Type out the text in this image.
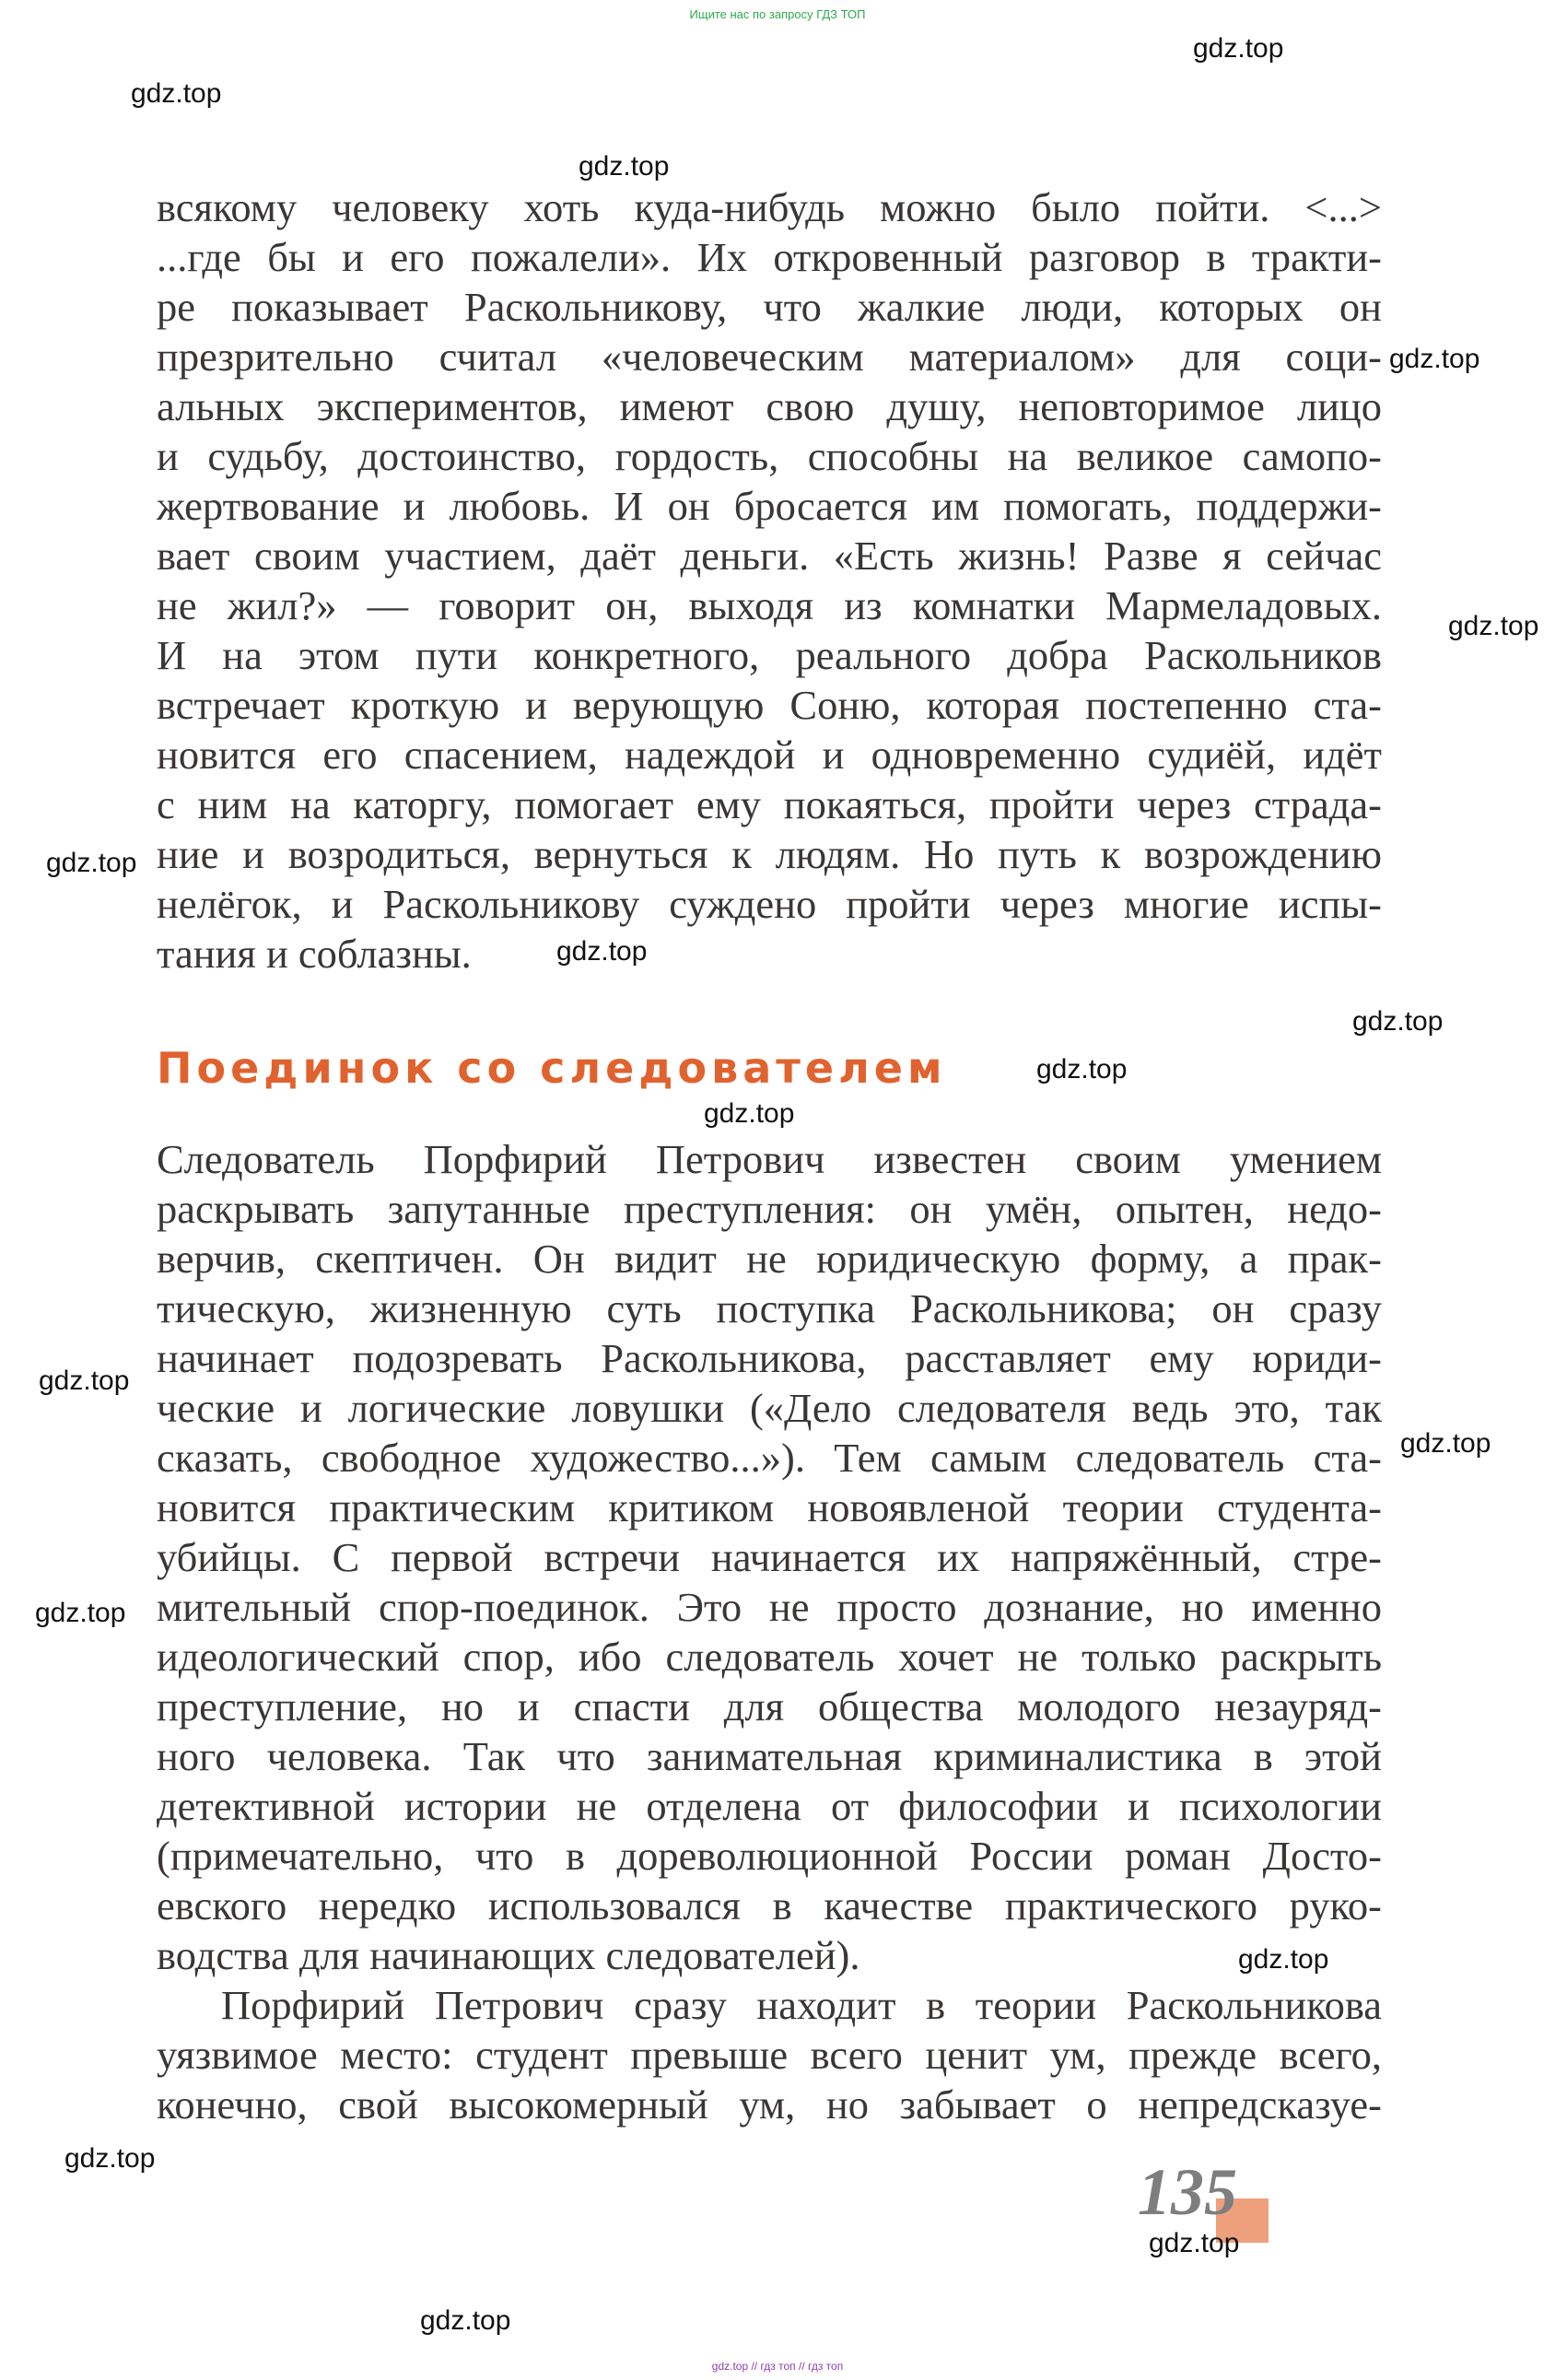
Ищите нас по запросу ГДЗ ТОП
gdz.top
gdz.top
gdz.top
gdz.top
gdz.top
gdz.top
gdz.top
gdz.top
gdz.top
gdz.top
gdz.top
gdz.top
gdz.top
gdz.top
gdz.top
gdz.top
всякому человеку хоть куда-нибудь можно было пойти. <...>
...где бы и его пожалели». Их откровенный разговор в тракти-
ре показывает Раскольникову, что жалкие люди, которых он
презрительно считал «человеческим материалом» для соци-
альных экспериментов, имеют свою душу, неповторимое лицо
и судьбу, достоинство, гордость, способны на великое самопо-
жертвование и любовь. И он бросается им помогать, поддержи-
вает своим участием, даёт деньги. «Есть жизнь! Разве я сейчас
не жил?» — говорит он, выходя из комнатки Мармеладовых.
И на этом пути конкретного, реального добра Раскольников
встречает кроткую и верующую Соню, которая постепенно ста-
новится его спасением, надеждой и одновременно судиёй, идёт
с ним на каторгу, помогает ему покаяться, пройти через страда-
ние и возродиться, вернуться к людям. Но путь к возрождению
нелёгок, и Раскольникову суждено пройти через многие испы-
тания и соблазны.
Поединок со следователем
Следователь Порфирий Петрович известен своим умением
раскрывать запутанные преступления: он умён, опытен, недо-
верчив, скептичен. Он видит не юридическую форму, а прак-
тическую, жизненную суть поступка Раскольникова; он сразу
начинает подозревать Раскольникова, расставляет ему юриди-
ческие и логические ловушки («Дело следователя ведь это, так
сказать, свободное художество...»). Тем самым следователь ста-
новится практическим критиком новоявленой теории студента-
убийцы. С первой встречи начинается их напряжённый, стре-
мительный спор-поединок. Это не просто дознание, но именно
идеологический спор, ибо следователь хочет не только раскрыть
преступление, но и спасти для общества молодого незауряд-
ного человека. Так что занимательная криминалистика в этой
детективной истории не отделена от философии и психологии
(примечательно, что в дореволюционной России роман Досто-
евского нередко использовался в качестве практического руко-
водства для начинающих следователей).
Порфирий Петрович сразу находит в теории Раскольникова
уязвимое место: студент превыше всего ценит ум, прежде всего,
конечно, свой высокомерный ум, но забывает о непредсказуе-
135
gdz.top
gdz.top // гдз топ // гдз топ
